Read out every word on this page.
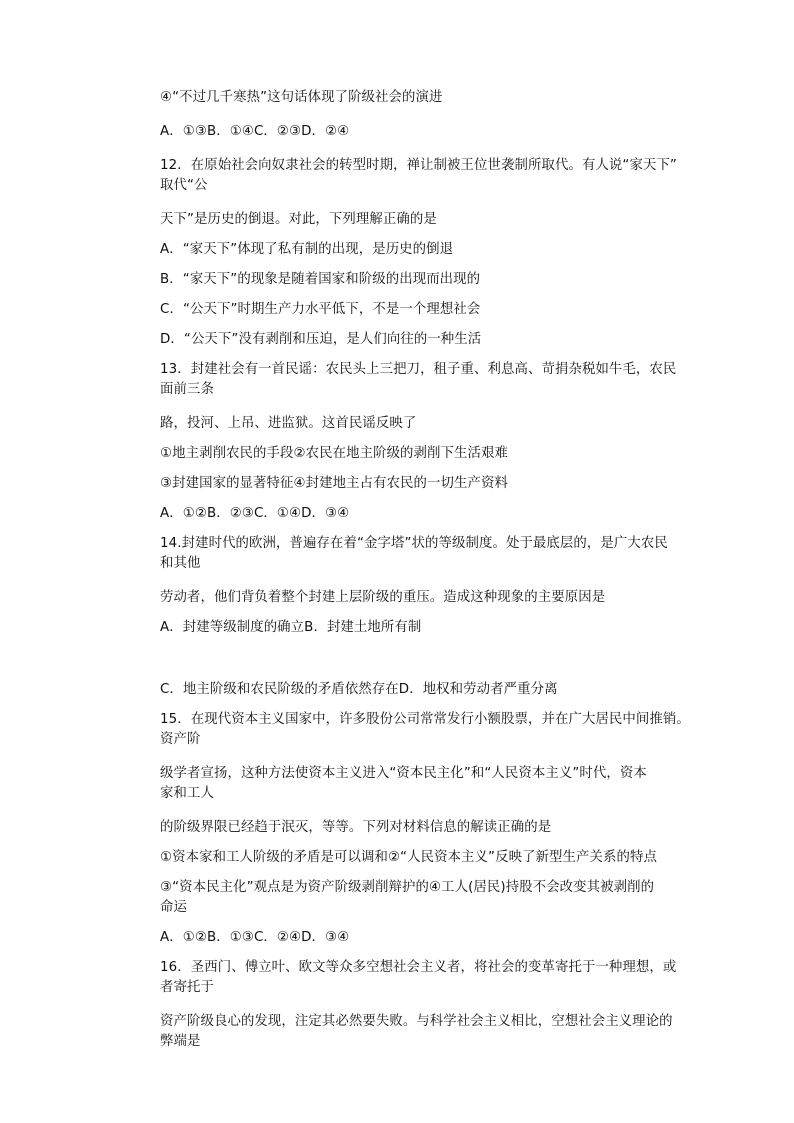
④“不过几千寒热”这句话体现了阶级社会的演进
A．①③B．①④C．②③D．②④
12．在原始社会向奴隶社会的转型时期，禅让制被王位世袭制所取代。有人说“家天下”
取代“公
天下”是历史的倒退。对此，下列理解正确的是
A．“家天下”体现了私有制的出现，是历史的倒退
B．“家天下”的现象是随着国家和阶级的出现而出现的
C．“公天下”时期生产力水平低下，不是一个理想社会
D．“公天下”没有剥削和压迫，是人们向往的一种生活
13．封建社会有一首民谣：农民头上三把刀，租子重、利息高、苛捐杂税如牛毛，农民
面前三条
路，投河、上吊、进监狱。这首民谣反映了
①地主剥削农民的手段②农民在地主阶级的剥削下生活艰难
③封建国家的显著特征④封建地主占有农民的一切生产资料
A．①②B．②③C．①④D．③④
14.封建时代的欧洲，普遍存在着“金字塔”状的等级制度。处于最底层的，是广大农民
和其他
劳动者，他们背负着整个封建上层阶级的重压。造成这种现象的主要原因是
A．封建等级制度的确立B．封建土地所有制
C．地主阶级和农民阶级的矛盾依然存在D．地权和劳动者严重分离
15．在现代资本主义国家中，许多股份公司常常发行小额股票，并在广大居民中间推销。
资产阶
级学者宣扬，这种方法使资本主义进入“资本民主化”和“人民资本主义”时代，资本
家和工人
的阶级界限已经趋于泯灭，等等。下列对材料信息的解读正确的是
①资本家和工人阶级的矛盾是可以调和②“人民资本主义”反映了新型生产关系的特点
③“资本民主化”观点是为资产阶级剥削辩护的④工人(居民)持股不会改变其被剥削的
命运
A．①②B．①③C．②④D．③④
16．圣西门、傅立叶、欧文等众多空想社会主义者，将社会的变革寄托于一种理想，或
者寄托于
资产阶级良心的发现，注定其必然要失败。与科学社会主义相比，空想社会主义理论的
弊端是
